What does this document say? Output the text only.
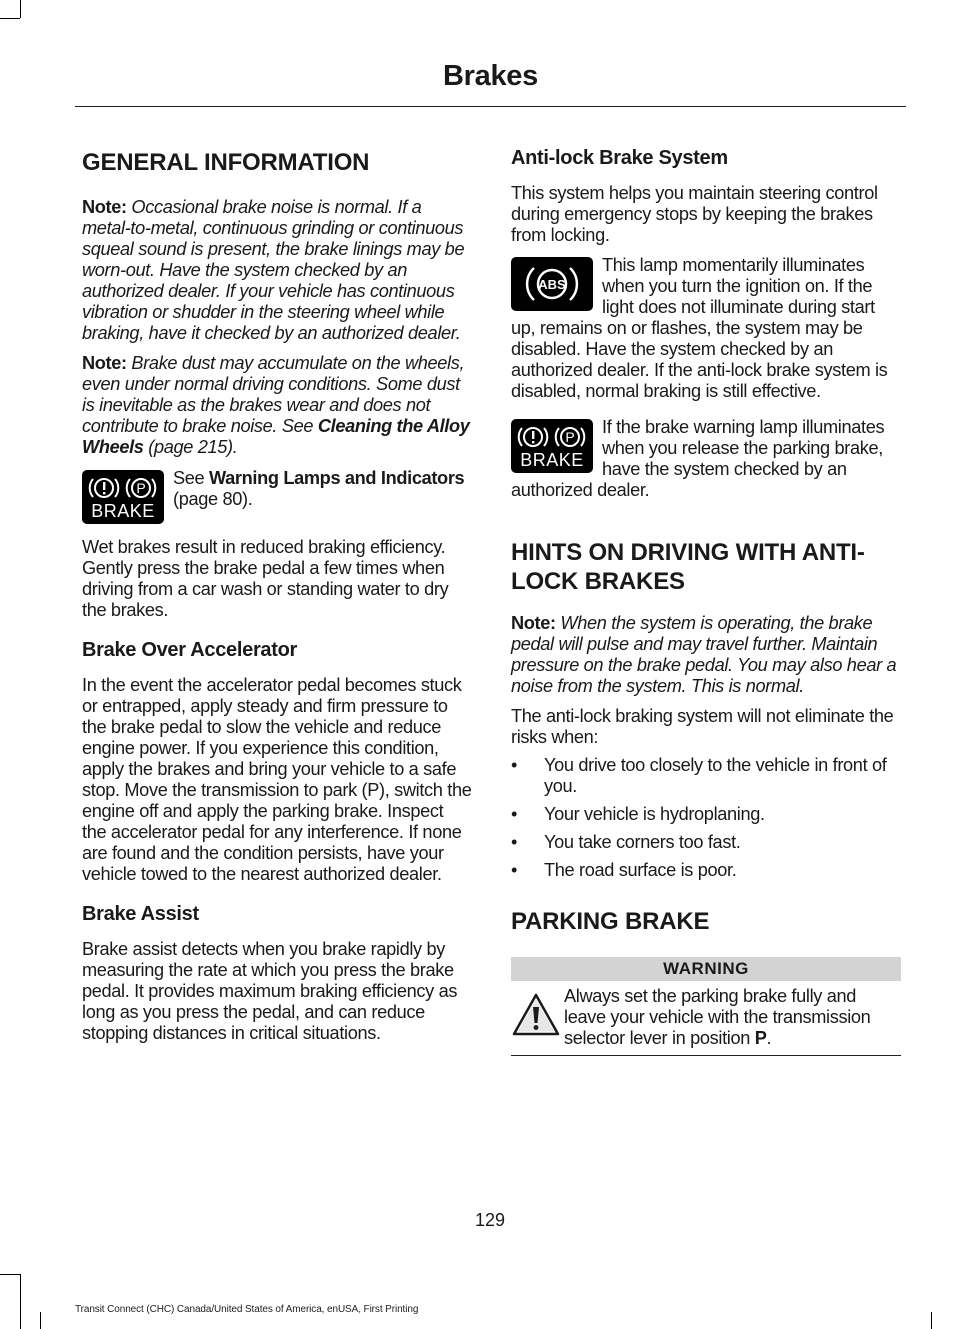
Brakes
GENERAL INFORMATION

Note: Occasional brake noise is normal. If a metal-to-metal, continuous grinding or continuous squeal sound is present, the brake linings may be worn-out. Have the system checked by an authorized dealer. If your vehicle has continuous vibration or shudder in the steering wheel while braking, have it checked by an authorized dealer.

Note: Brake dust may accumulate on the wheels, even under normal driving conditions. Some dust is inevitable as the brakes wear and does not contribute to brake noise. See Cleaning the Alloy Wheels (page 215).

P
BRAKE

See Warning Lamps and Indicators (page 80).

Wet brakes result in reduced braking efficiency. Gently press the brake pedal a few times when driving from a car wash or standing water to dry the brakes.

Brake Over Accelerator

In the event the accelerator pedal becomes stuck or entrapped, apply steady and firm pressure to the brake pedal to slow the vehicle and reduce engine power. If you experience this condition, apply the brakes and bring your vehicle to a safe stop. Move the transmission to park (P), switch the engine off and apply the parking brake. Inspect the accelerator pedal for any interference. If none are found and the condition persists, have your vehicle towed to the nearest authorized dealer.

Brake Assist

Brake assist detects when you brake rapidly by measuring the rate at which you press the brake pedal. It provides maximum braking efficiency as long as you press the pedal, and can reduce stopping distances in critical situations.

Anti-lock Brake System

This system helps you maintain steering control during emergency stops by keeping the brakes from locking.

ABS

This lamp momentarily illuminates when you turn the ignition on. If the light does not illuminate during start up, remains on or flashes, the system may be disabled. Have the system checked by an authorized dealer. If the anti-lock brake system is disabled, normal braking is still effective.

P
BRAKE

If the brake warning lamp illuminates when you release the parking brake, have the system checked by an authorized dealer.

HINTS ON DRIVING WITH ANTI-LOCK BRAKES

Note: When the system is operating, the brake pedal will pulse and may travel further. Maintain pressure on the brake pedal. You may also hear a noise from the system. This is normal.

The anti-lock braking system will not eliminate the risks when:

• You drive too closely to the vehicle in front of you.
• Your vehicle is hydroplaning.
• You take corners too fast.
• The road surface is poor.
PARKING BRAKE
WARNING

Always set the parking brake fully and leave your vehicle with the transmission selector lever in position P.

129
Transit Connect (CHC) Canada/United States of America, enUSA, First Printing
